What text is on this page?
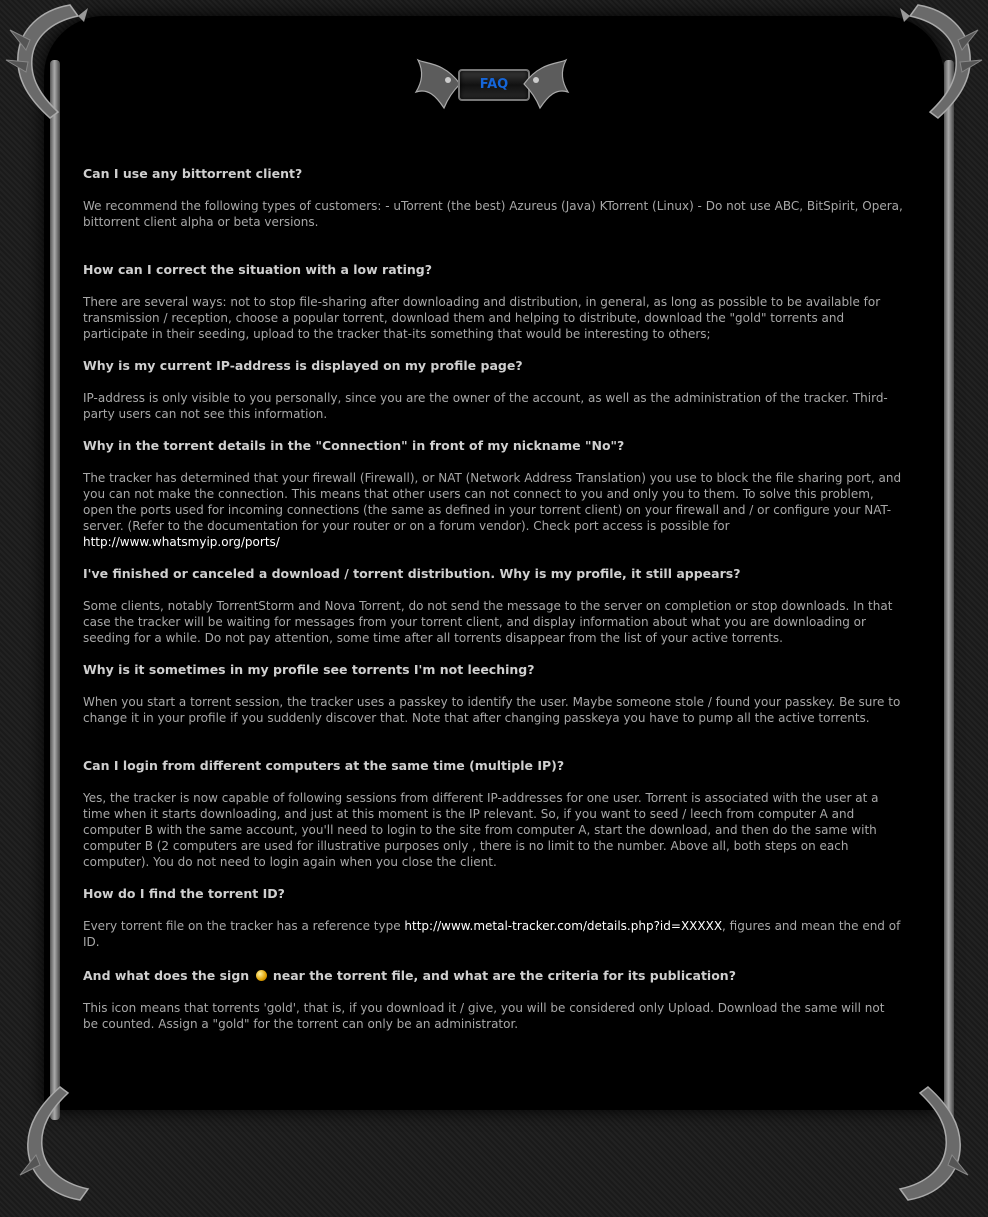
FAQ

Can I use any bittorrent client?

We recommend the following types of customers: - uTorrent (the best) Azureus (Java) KTorrent (Linux) - Do not use ABC, BitSpirit, Opera, bittorrent client alpha or beta versions.

How can I correct the situation with a low rating?

There are several ways: not to stop file-sharing after downloading and distribution, in general, as long as possible to be available for transmission / reception, choose a popular torrent, download them and helping to distribute, download the "gold" torrents and participate in their seeding, upload to the tracker that-its something that would be interesting to others;

Why is my current IP-address is displayed on my profile page?

IP-address is only visible to you personally, since you are the owner of the account, as well as the administration of the tracker. Third-party users can not see this information.

Why in the torrent details in the "Connection" in front of my nickname "No"?

The tracker has determined that your firewall (Firewall), or NAT (Network Address Translation) you use to block the file sharing port, and you can not make the connection. This means that other users can not connect to you and only you to them. To solve this problem, open the ports used for incoming connections (the same as defined in your torrent client) on your firewall and / or configure your NAT-server. (Refer to the documentation for your router or on a forum vendor). Check port access is possible for http://www.whatsmyip.org/ports/

I've finished or canceled a download / torrent distribution. Why is my profile, it still appears?

Some clients, notably TorrentStorm and Nova Torrent, do not send the message to the server on completion or stop downloads. In that case the tracker will be waiting for messages from your torrent client, and display information about what you are downloading or seeding for a while. Do not pay attention, some time after all torrents disappear from the list of your active torrents.

Why is it sometimes in my profile see torrents I'm not leeching?

When you start a torrent session, the tracker uses a passkey to identify the user. Maybe someone stole / found your passkey. Be sure to change it in your profile if you suddenly discover that. Note that after changing passkeya you have to pump all the active torrents.

Can I login from different computers at the same time (multiple IP)?

Yes, the tracker is now capable of following sessions from different IP-addresses for one user. Torrent is associated with the user at a time when it starts downloading, and just at this moment is the IP relevant. So, if you want to seed / leech from computer A and computer B with the same account, you'll need to login to the site from computer A, start the download, and then do the same with computer B (2 computers are used for illustrative purposes only , there is no limit to the number. Above all, both steps on each computer). You do not need to login again when you close the client.

How do I find the torrent ID?

Every torrent file on the tracker has a reference type http://www.metal-tracker.com/details.php?id=XXXXX, figures and mean the end of ID.

And what does the sign  near the torrent file, and what are the criteria for its publication?

This icon means that torrents 'gold', that is, if you download it / give, you will be considered only Upload. Download the same will not be counted. Assign a "gold" for the torrent can only be an administrator.
